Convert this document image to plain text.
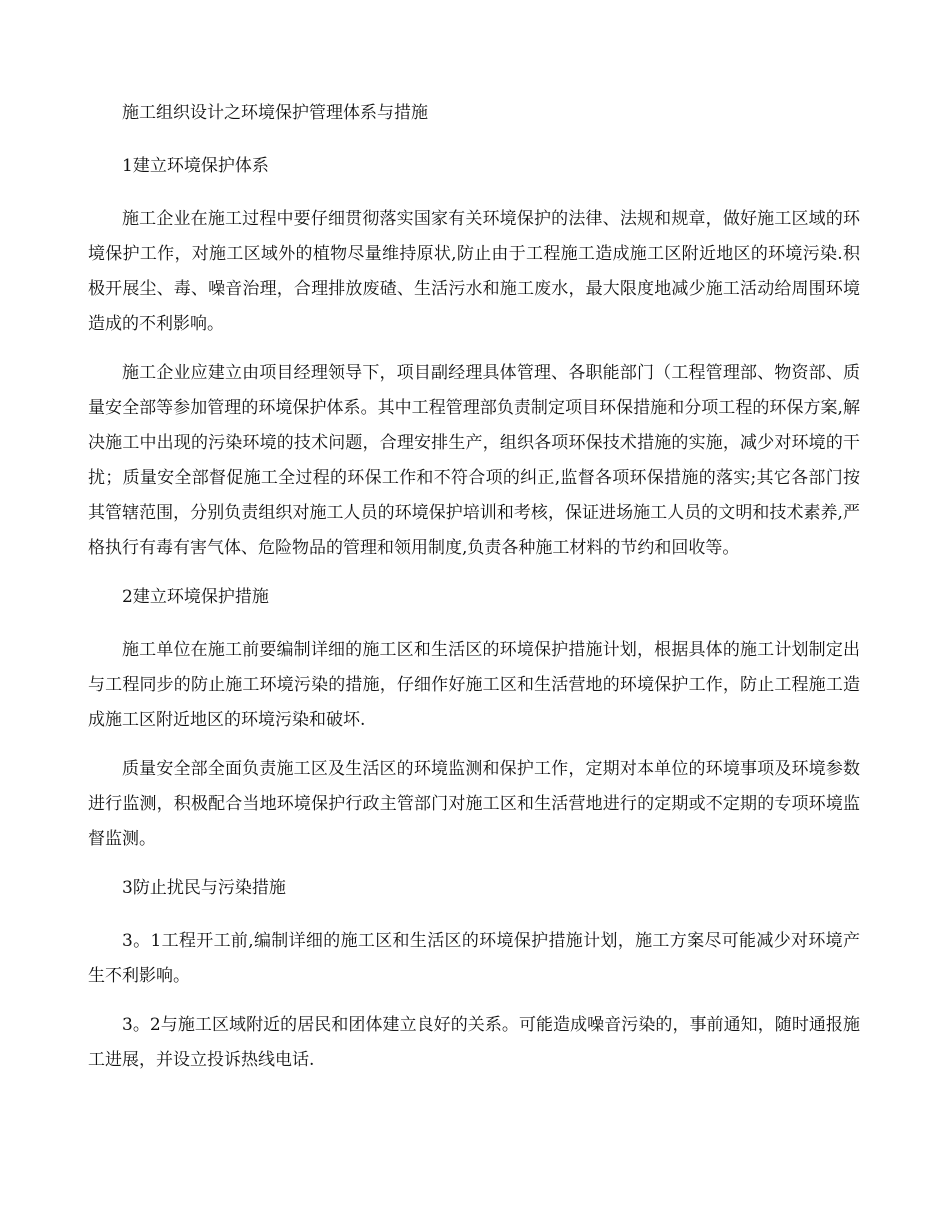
施工组织设计之环境保护管理体系与措施

1建立环境保护体系

施工企业在施工过程中要仔细贯彻落实国家有关环境保护的法律、法规和规章，做好施工区域的环境保护工作，对施工区域外的植物尽量维持原状,防止由于工程施工造成施工区附近地区的环境污染.积极开展尘、毒、噪音治理，合理排放废碴、生活污水和施工废水，最大限度地减少施工活动给周围环境造成的不利影响。

施工企业应建立由项目经理领导下，项目副经理具体管理、各职能部门（工程管理部、物资部、质量安全部等参加管理的环境保护体系。其中工程管理部负责制定项目环保措施和分项工程的环保方案,解决施工中出现的污染环境的技术问题，合理安排生产，组织各项环保技术措施的实施，减少对环境的干扰；质量安全部督促施工全过程的环保工作和不符合项的纠正,监督各项环保措施的落实;其它各部门按其管辖范围，分别负责组织对施工人员的环境保护培训和考核，保证进场施工人员的文明和技术素养,严格执行有毒有害气体、危险物品的管理和领用制度,负责各种施工材料的节约和回收等。

2建立环境保护措施

施工单位在施工前要编制详细的施工区和生活区的环境保护措施计划，根据具体的施工计划制定出与工程同步的防止施工环境污染的措施，仔细作好施工区和生活营地的环境保护工作，防止工程施工造成施工区附近地区的环境污染和破坏.

质量安全部全面负责施工区及生活区的环境监测和保护工作，定期对本单位的环境事项及环境参数进行监测，积极配合当地环境保护行政主管部门对施工区和生活营地进行的定期或不定期的专项环境监督监测。

3防止扰民与污染措施

3。1工程开工前,编制详细的施工区和生活区的环境保护措施计划，施工方案尽可能减少对环境产生不利影响。

3。2与施工区域附近的居民和团体建立良好的关系。可能造成噪音污染的，事前通知，随时通报施工进展，并设立投诉热线电话.
